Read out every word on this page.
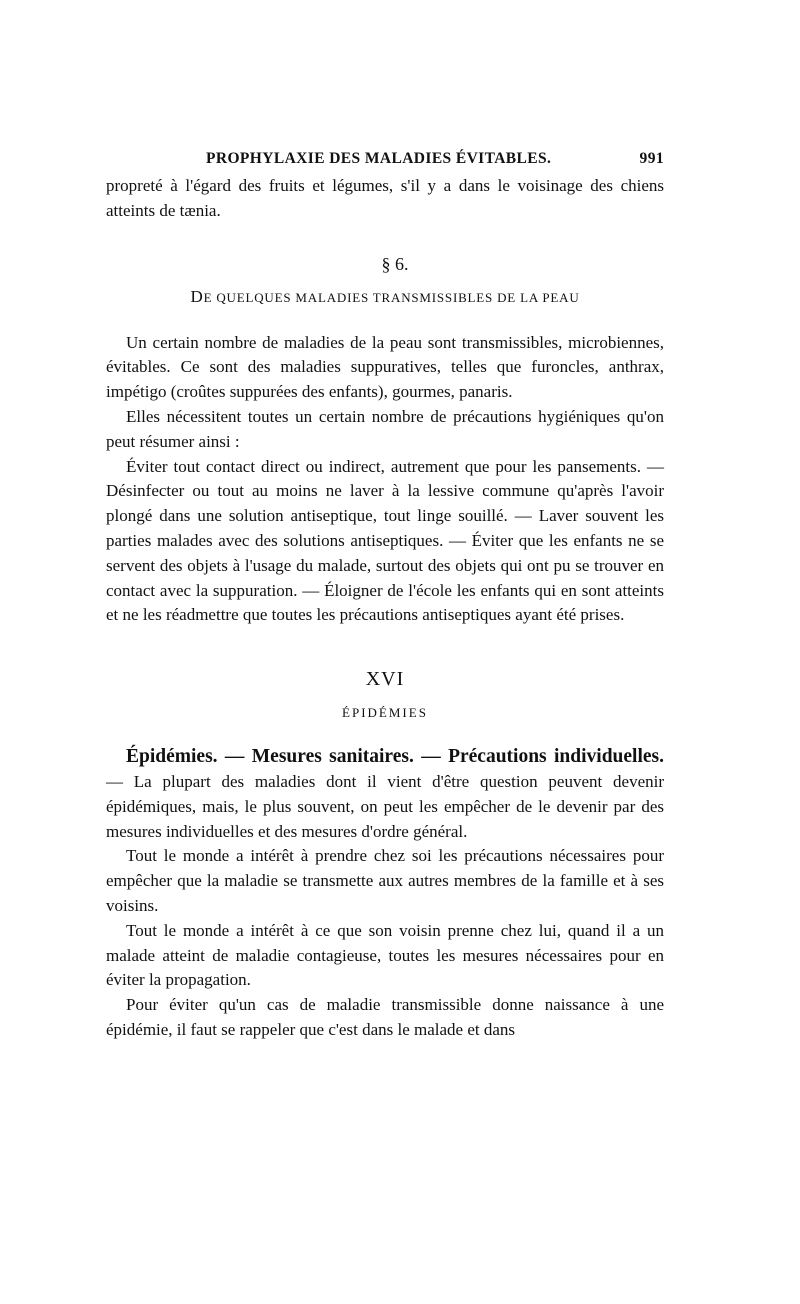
PROPHYLAXIE DES MALADIES ÉVITABLES.	991

propreté à l'égard des fruits et légumes, s'il y a dans le voisinage des chiens atteints de tænia.

§ 6.
DE QUELQUES MALADIES TRANSMISSIBLES DE LA PEAU

Un certain nombre de maladies de la peau sont transmissibles, microbiennes, évitables. Ce sont des maladies suppuratives, telles que furoncles, anthrax, impétigo (croûtes suppurées des enfants), gourmes, panaris.

Elles nécessitent toutes un certain nombre de précautions hygiéniques qu'on peut résumer ainsi :

Éviter tout contact direct ou indirect, autrement que pour les pansements. — Désinfecter ou tout au moins ne laver à la lessive commune qu'après l'avoir plongé dans une solution antiseptique, tout linge souillé. — Laver souvent les parties malades avec des solutions antiseptiques. — Éviter que les enfants ne se servent des objets à l'usage du malade, surtout des objets qui ont pu se trouver en contact avec la suppuration. — Éloigner de l'école les enfants qui en sont atteints et ne les réadmettre que toutes les précautions antiseptiques ayant été prises.

XVI
ÉPIDÉMIES

Épidémies. — Mesures sanitaires. — Précautions individuelles. — La plupart des maladies dont il vient d'être question peuvent devenir épidémiques, mais, le plus souvent, on peut les empêcher de le devenir par des mesures individuelles et des mesures d'ordre général.

Tout le monde a intérêt à prendre chez soi les précautions nécessaires pour empêcher que la maladie se transmette aux autres membres de la famille et à ses voisins.

Tout le monde a intérêt à ce que son voisin prenne chez lui, quand il a un malade atteint de maladie contagieuse, toutes les mesures nécessaires pour en éviter la propagation.

Pour éviter qu'un cas de maladie transmissible donne naissance à une épidémie, il faut se rappeler que c'est dans le malade et dans
